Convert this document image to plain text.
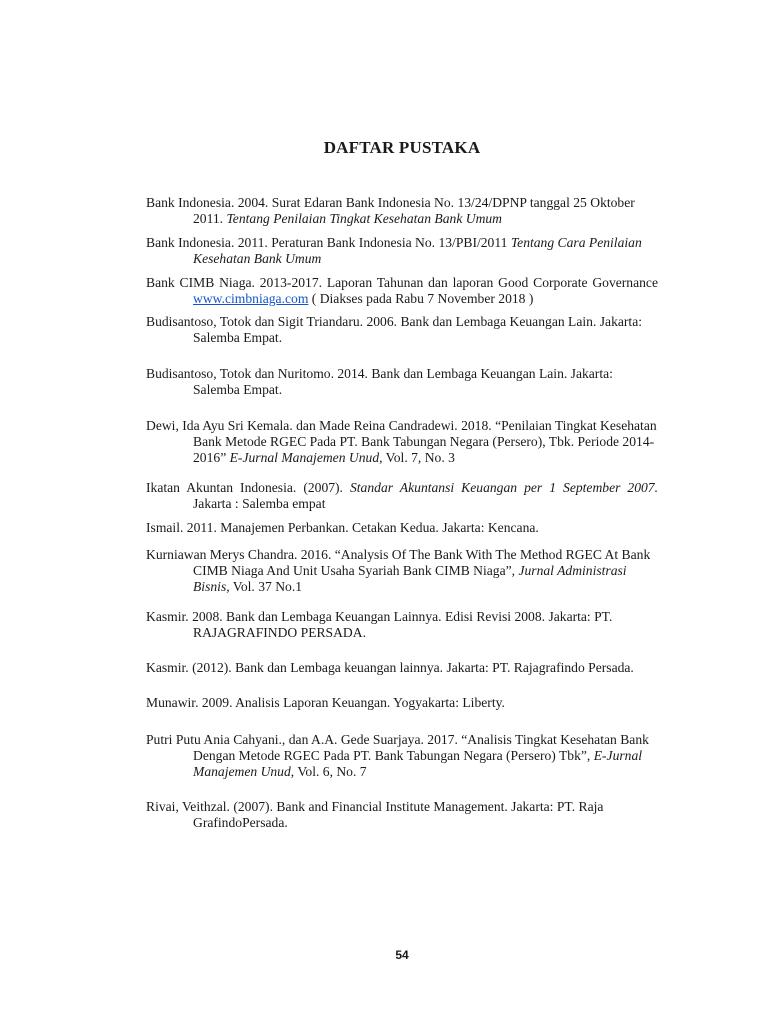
DAFTAR PUSTAKA

Bank Indonesia. 2004. Surat Edaran Bank Indonesia No. 13/24/DPNP tanggal 25 Oktober 2011. Tentang Penilaian Tingkat Kesehatan Bank Umum

Bank Indonesia. 2011. Peraturan Bank Indonesia No. 13/PBI/2011 Tentang Cara Penilaian Kesehatan Bank Umum

Bank CIMB Niaga. 2013-2017. Laporan Tahunan dan laporan Good Corporate Governance www.cimbniaga.com ( Diakses pada Rabu 7 November 2018 )

Budisantoso, Totok dan Sigit Triandaru. 2006. Bank dan Lembaga Keuangan Lain. Jakarta: Salemba Empat.

Budisantoso, Totok dan Nuritomo. 2014. Bank dan Lembaga Keuangan Lain. Jakarta: Salemba Empat.

Dewi, Ida Ayu Sri Kemala. dan Made Reina Candradewi. 2018. “Penilaian Tingkat Kesehatan Bank Metode RGEC Pada PT. Bank Tabungan Negara (Persero), Tbk. Periode 2014-2016” E-Jurnal Manajemen Unud, Vol. 7, No. 3

Ikatan Akuntan Indonesia. (2007). Standar Akuntansi Keuangan per 1 September 2007. Jakarta : Salemba empat

Ismail. 2011. Manajemen Perbankan. Cetakan Kedua. Jakarta: Kencana.

Kurniawan Merys Chandra. 2016. “Analysis Of The Bank With The Method RGEC At Bank CIMB Niaga And Unit Usaha Syariah Bank CIMB Niaga”, Jurnal Administrasi Bisnis, Vol. 37 No.1

Kasmir. 2008. Bank dan Lembaga Keuangan Lainnya. Edisi Revisi 2008. Jakarta: PT. RAJAGRAFINDO PERSADA.

Kasmir. (2012). Bank dan Lembaga keuangan lainnya. Jakarta: PT. Rajagrafindo Persada.

Munawir. 2009. Analisis Laporan Keuangan. Yogyakarta: Liberty.

Putri Putu Ania Cahyani., dan A.A. Gede Suarjaya. 2017. “Analisis Tingkat Kesehatan Bank Dengan Metode RGEC Pada PT. Bank Tabungan Negara (Persero) Tbk”, E-Jurnal Manajemen Unud, Vol. 6, No. 7

Rivai, Veithzal. (2007). Bank and Financial Institute Management. Jakarta: PT. Raja GrafindoPersada.

54
